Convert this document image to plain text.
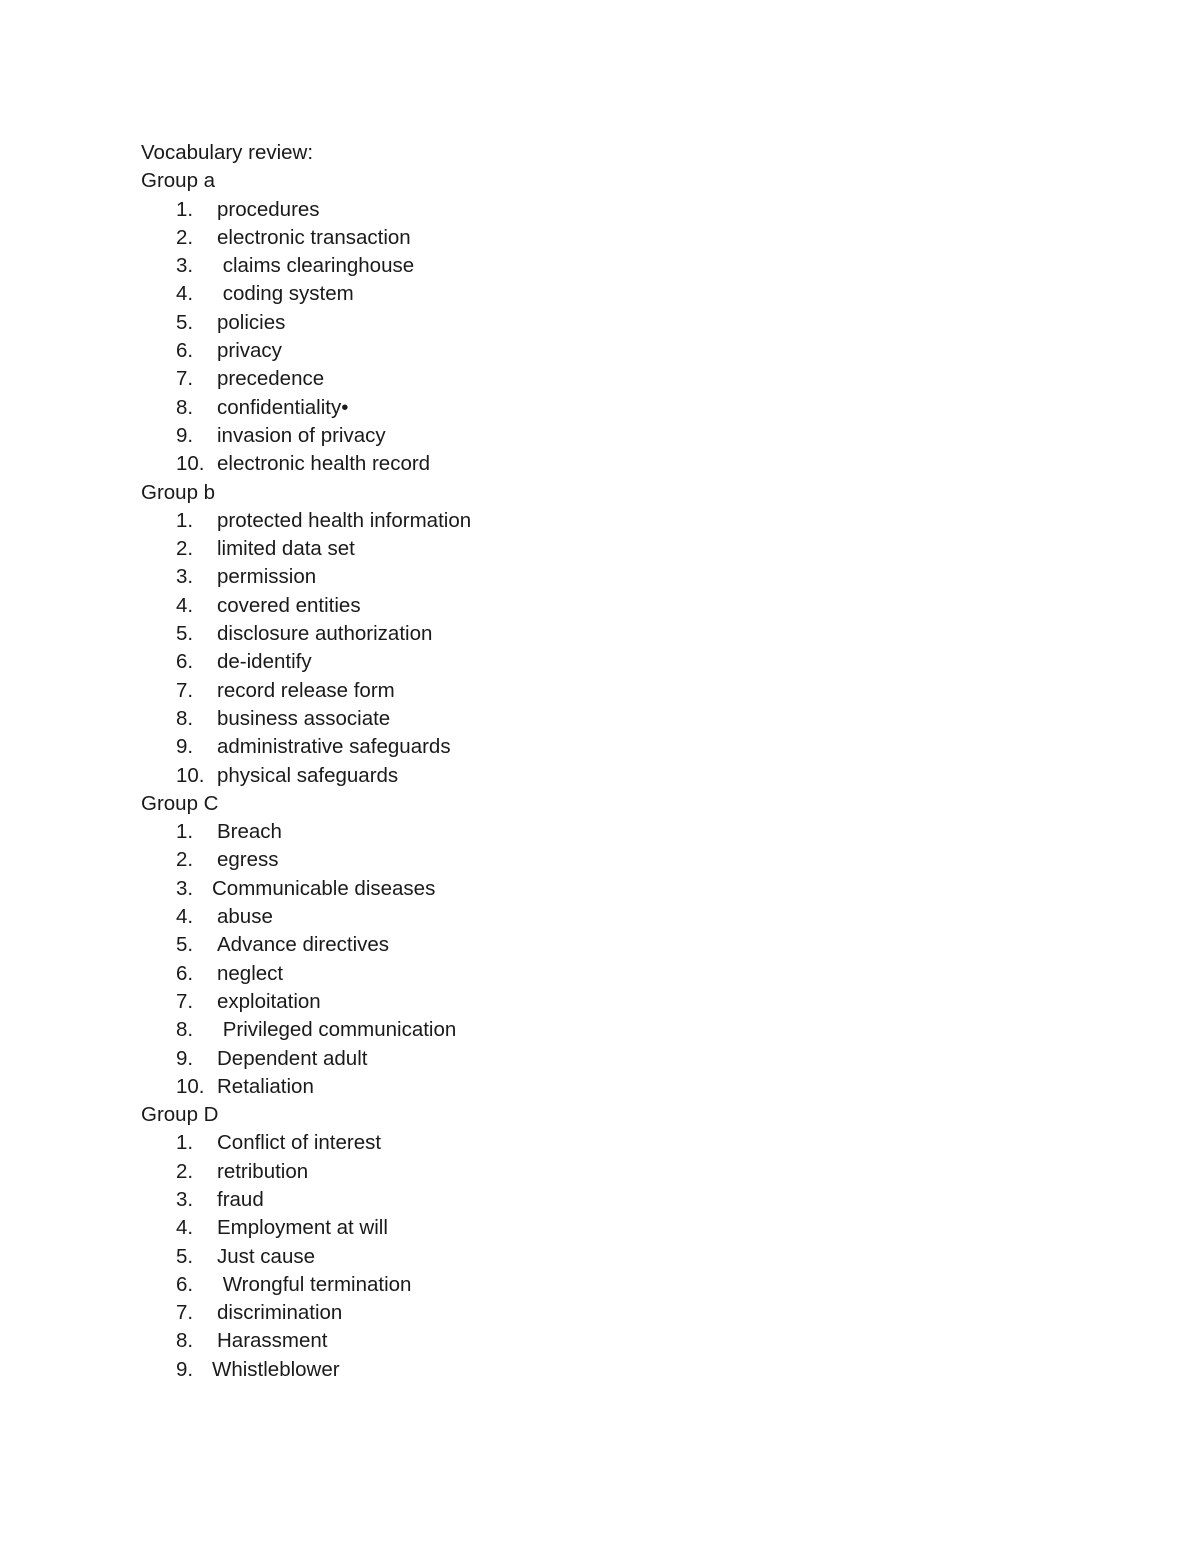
Vocabulary review:
Group a
1. procedures
2. electronic transaction
3. claims clearinghouse
4. coding system
5. policies
6. privacy
7. precedence
8. confidentiality•
9. invasion of privacy
10. electronic health record
Group b
1. protected health information
2. limited data set
3. permission
4. covered entities
5. disclosure authorization
6. de-identify
7. record release form
8. business associate
9. administrative safeguards
10. physical safeguards
Group C
1. Breach
2. egress
3. Communicable diseases
4. abuse
5. Advance directives
6. neglect
7. exploitation
8. Privileged communication
9. Dependent adult
10. Retaliation
Group D
1. Conflict of interest
2. retribution
3. fraud
4. Employment at will
5. Just cause
6. Wrongful termination
7. discrimination
8. Harassment
9. Whistleblower
